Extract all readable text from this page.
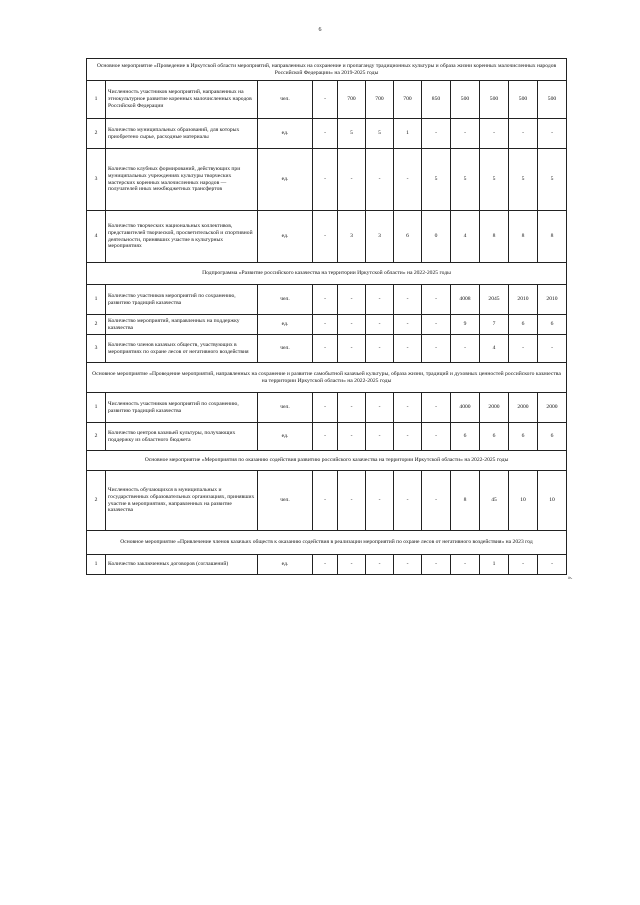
6
Основное мероприятие «Проведение в Иркутской области мероприятий, направленных на сохранение и пропаганду традиционных культуры и образа жизни коренных малочисленных народов Российской Федерации» на 2019-2025 годы											
1	Численность участников мероприятий, направленных на этнокультурное развитие коренных малочисленных народов Российской Федерации	чел.	-	700	700	700	850	500	500	500	500
2	Количество муниципальных образований, для которых приобретено сырье, расходные материалы	ед.	-	5	5	1	-	-	-	-	-
3	Количество клубных формирований, действующих при муниципальных учреждениях культуры творческих мастерских коренных малочисленных народов — получателей иных межбюджетных трансфертов	ед.	-	-	-	-	5	5	5	5	5
4	Количество творческих национальных коллективов, представителей творческой, просветительской и спортивной деятельности, принявших участие в культурных мероприятиях	ед.	-	3	3	6	0	4	8	8	8
Подпрограмма «Развитие российского казачества на территории Иркутской области» на 2022-2025 годы											
1	Количество участников мероприятий по сохранению, развитию традиций казачества	чел.	-	-	-	-	-	4008	2045	2010	2010
2	Количество мероприятий, направленных на поддержку казачества	ед.	-	-	-	-	-	9	7	6	6
3	Количество членов казачьих обществ, участвующих в мероприятиях по охране лесов от негативного воздействия	чел.	-	-	-	-	-	-	4	-	-
Основное мероприятие «Проведение мероприятий, направленных на сохранение и развитие самобытной казачьей культуры, образа жизни, традиций и духовных ценностей российского казачества на территории Иркутской области» на 2022-2025 годы											
1	Численность участников мероприятий по сохранению, развитию традиций казачества	чел.	-	-	-	-	-	4000	2000	2000	2000
2	Количество центров казачьей культуры, получающих поддержку из областного бюджета	ед.	-	-	-	-	-	6	6	6	6
Основное мероприятие «Мероприятия по оказанию содействия развитию российского казачества на территории Иркутской области» на 2022-2025 годы											
2	Численность обучающихся в муниципальных и государственных образовательных организациях, принявших участие в мероприятиях, направленных на развитие казачества	чел.	-	-	-	-	-	8	45	10	10
Основное мероприятие «Привлечение членов казачьих обществ к оказанию содействия в реализации мероприятий по охране лесов от негативного воздействия» на 2023 год											
1	Количество заключенных договоров (соглашений)	ед.	-	-	-	-	-	-	1	-	-
».
